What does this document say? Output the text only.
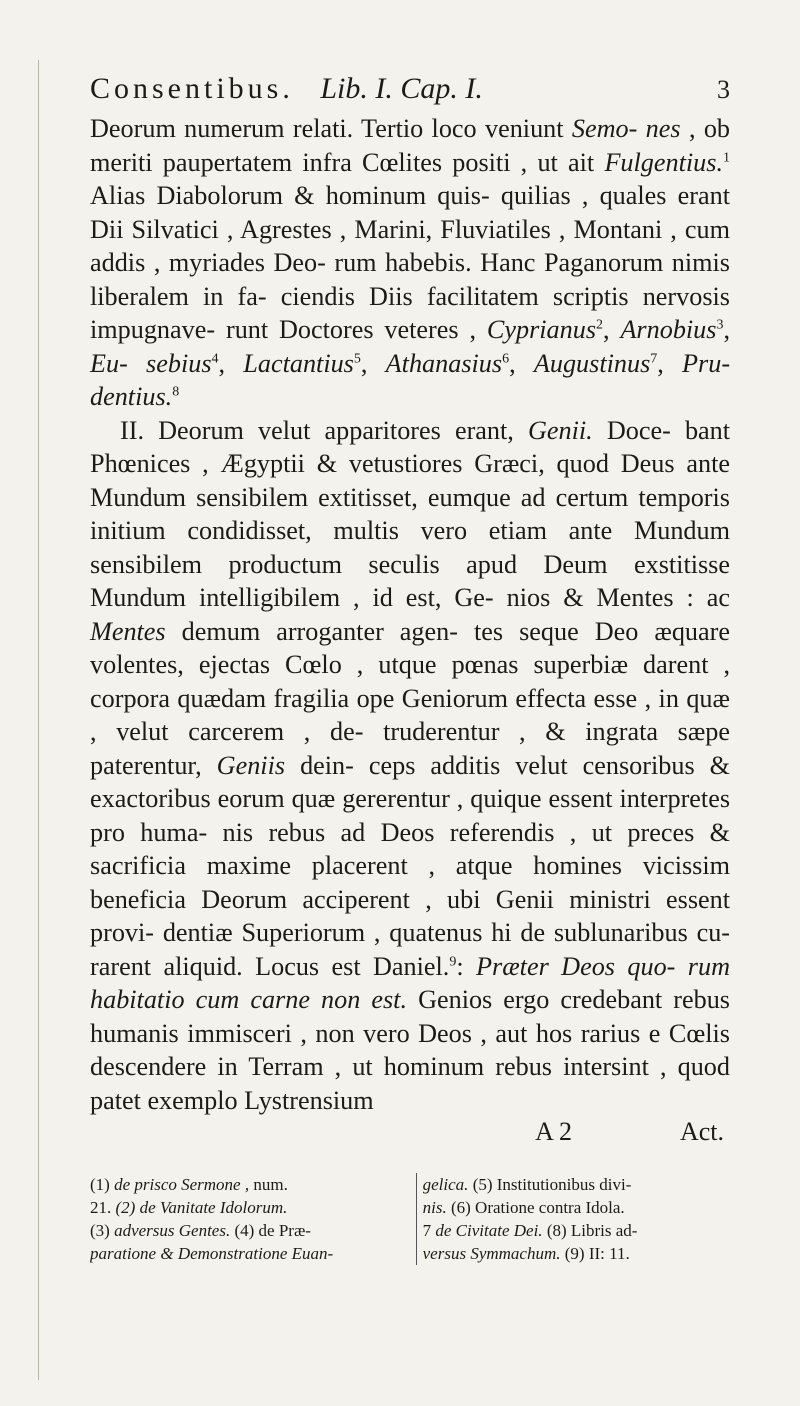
Consentibus. Lib. I. Cap. I.	3

Deorum numerum relati. Tertio loco veniunt Semo- nes , ob meriti paupertatem infra Cœlites positi , ut ait Fulgentius.$^1$ Alias Diabolorum & hominum quis- quilias , quales erant Dii Silvatici , Agrestes , Marini, Fluviatiles , Montani , cum addis , myriades Deo- rum habebis. Hanc Paganorum nimis liberalem in fa- ciendis Diis facilitatem scriptis nervosis impugnave- runt Doctores veteres , Cyprianus$^2$, Arnobius$^3$, Eu- sebius$^4$, Lactantius$^5$, Athanasius$^6$, Augustinus$^7$, Pru- dentius.$^8$

II. Deorum velut apparitores erant, Genii. Doce- bant Phœnices , Ægyptii & vetustiores Græci, quod Deus ante Mundum sensibilem extitisset, eumque ad certum temporis initium condidisset, multis vero etiam ante Mundum sensibilem productum seculis apud Deum exstitisse Mundum intelligibilem , id est, Ge- nios & Mentes : ac Mentes demum arroganter agen- tes seque Deo æquare volentes, ejectas Cœlo , utque pœnas superbiæ darent , corpora quædam fragilia ope Geniorum effecta esse , in quæ , velut carcerem , de- truderentur , & ingrata sæpe paterentur, Geniis dein- ceps additis velut censoribus & exactoribus eorum quæ gererentur , quique essent interpretes pro huma- nis rebus ad Deos referendis , ut preces & sacrificia maxime placerent , atque homines vicissim beneficia Deorum acciperent , ubi Genii ministri essent provi- dentiæ Superiorum , quatenus hi de sublunaribus cu- rarent aliquid. Locus est Daniel.$^9$: Præter Deos quo- rum habitatio cum carne non est. Genios ergo credebant rebus humanis immisceri , non vero Deos , aut hos rarius e Cœlis descendere in Terram , ut hominum rebus intersint , quod patet exemplo Lystrensium

A 2	Act.
(1) de prisco Sermone , num.
21. (2) de Vanitate Idolorum.
(3) adversus Gentes. (4) de Præ-
paratione & Demonstratione Euan-
gelica. (5) Institutionibus divi-
nis. (6) Oratione contra Idola.
7 de Civitate Dei. (8) Libris ad-
versus Symmachum. (9) II: 11.
